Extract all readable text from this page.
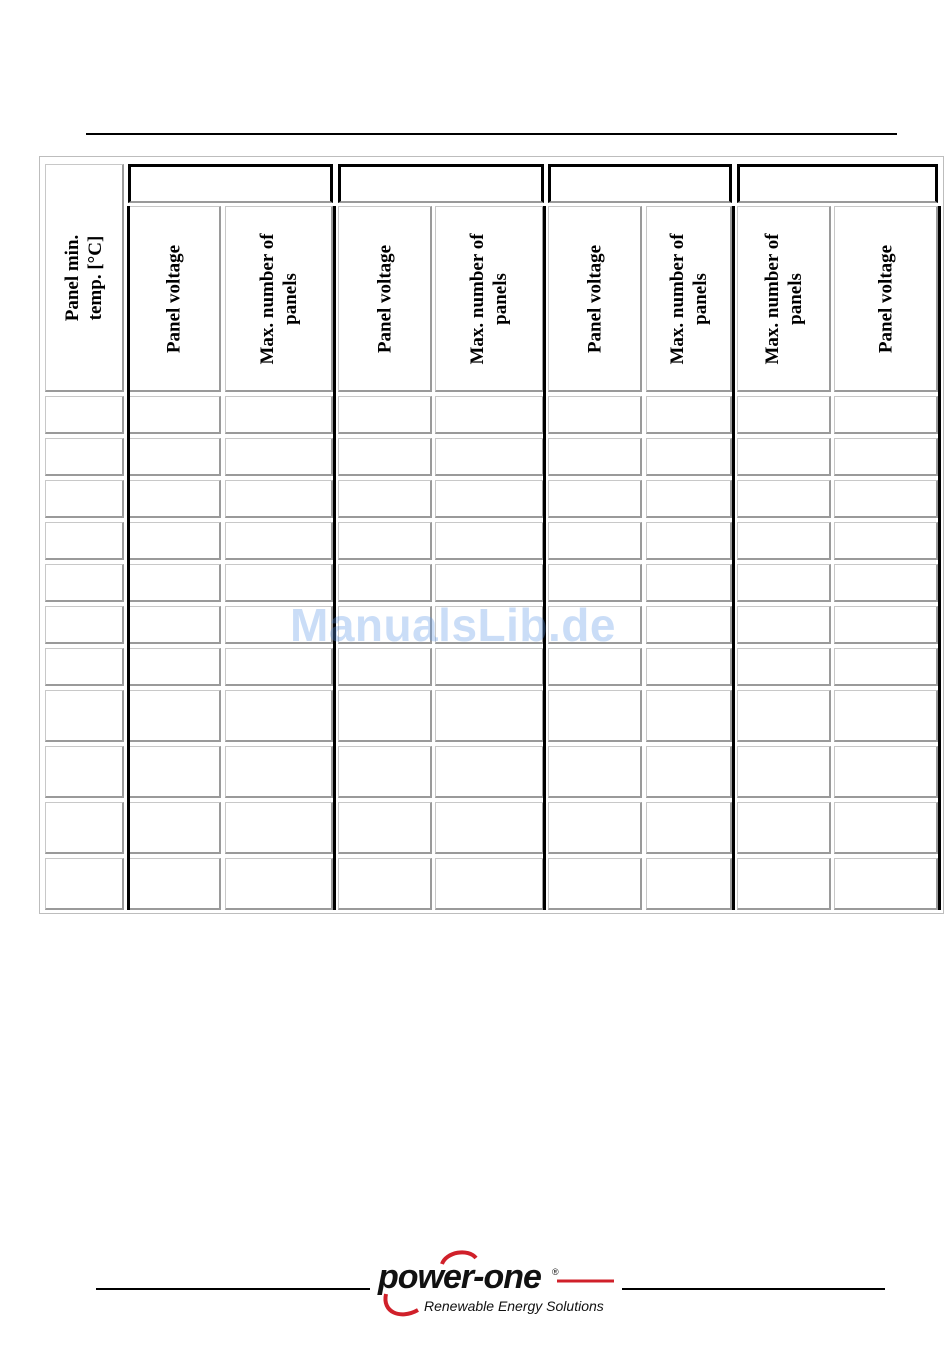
Panel min. temp. [°C]	Panel voltage	Max. number of panels	Panel voltage	Max. number of panels	Panel voltage	Max. number of panels	Max. number of panels	Panel voltage
ManualsLib.de
power-one ®
Renewable Energy Solutions
